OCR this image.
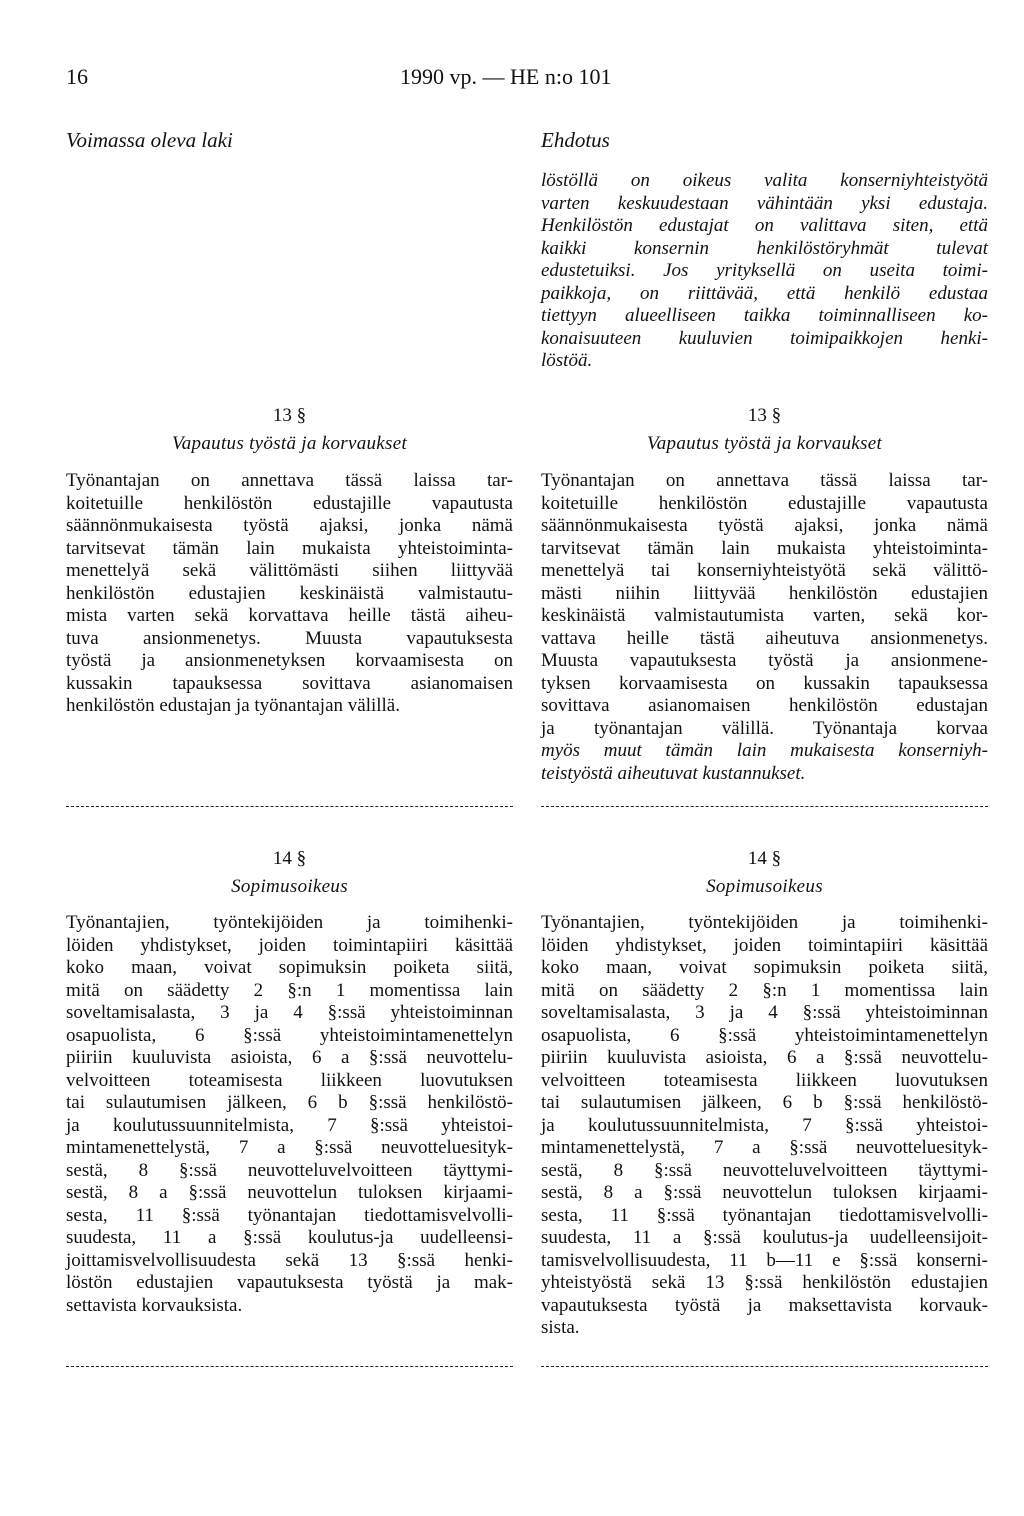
16	1990 vp. — HE n:o 101
Voimassa oleva laki	Ehdotus
löstöllä on oikeus valita konserniyhteistyötä
varten keskuudestaan vähintään yksi edustaja.
Henkilöstön edustajat on valittava siten, että
kaikki konsernin henkilöstöryhmät tulevat
edustetuiksi. Jos yrityksellä on useita toimi-
paikkoja, on riittävää, että henkilö edustaa
tiettyyn alueelliseen taikka toiminnalliseen ko-
konaisuuteen kuuluvien toimipaikkojen henki-
löstöä.
13 §
Vapautus työstä ja korvaukset
Työnantajan on annettava tässä laissa tar-
koitetuille henkilöstön edustajille vapautusta
säännönmukaisesta työstä ajaksi, jonka nämä
tarvitsevat tämän lain mukaista yhteistoiminta-
menettelyä sekä välittömästi siihen liittyvää
henkilöstön edustajien keskinäistä valmistautu-
mista varten sekä korvattava heille tästä aiheu-
tuva ansionmenetys. Muusta vapautuksesta
työstä ja ansionmenetyksen korvaamisesta on
kussakin tapauksessa sovittava asianomaisen
henkilöstön edustajan ja työnantajan välillä.
13 §
Vapautus työstä ja korvaukset
Työnantajan on annettava tässä laissa tar-
koitetuille henkilöstön edustajille vapautusta
säännönmukaisesta työstä ajaksi, jonka nämä
tarvitsevat tämän lain mukaista yhteistoiminta-
menettelyä tai konserniyhteistyötä sekä välittö-
mästi niihin liittyvää henkilöstön edustajien
keskinäistä valmistautumista varten, sekä kor-
vattava heille tästä aiheutuva ansionmenetys.
Muusta vapautuksesta työstä ja ansionmene-
tyksen korvaamisesta on kussakin tapauksessa
sovittava asianomaisen henkilöstön edustajan
ja työnantajan välillä. Työnantaja korvaa
myös muut tämän lain mukaisesta konserniyh-
teistyöstä aiheutuvat kustannukset.
14 §
Sopimusoikeus
Työnantajien, työntekijöiden ja toimihenki-
löiden yhdistykset, joiden toimintapiiri käsittää
koko maan, voivat sopimuksin poiketa siitä,
mitä on säädetty 2 §:n 1 momentissa lain
soveltamisalasta, 3 ja 4 §:ssä yhteistoiminnan
osapuolista, 6 §:ssä yhteistoimintamenettelyn
piiriin kuuluvista asioista, 6 a §:ssä neuvottelu-
velvoitteen toteamisesta liikkeen luovutuksen
tai sulautumisen jälkeen, 6 b §:ssä henkilöstö-
ja koulutussuunnitelmista, 7 §:ssä yhteistoi-
mintamenettelystä, 7 a §:ssä neuvotteluesityk-
sestä, 8 §:ssä neuvotteluvelvoitteen täyttymi-
sestä, 8 a §:ssä neuvottelun tuloksen kirjaami-
sesta, 11 §:ssä työnantajan tiedottamisvelvolli-
suudesta, 11 a §:ssä koulutus-ja uudelleensi-
joittamisvelvollisuudesta sekä 13 §:ssä henki-
löstön edustajien vapautuksesta työstä ja mak-
settavista korvauksista.
14 §
Sopimusoikeus
Työnantajien, työntekijöiden ja toimihenki-
löiden yhdistykset, joiden toimintapiiri käsittää
koko maan, voivat sopimuksin poiketa siitä,
mitä on säädetty 2 §:n 1 momentissa lain
soveltamisalasta, 3 ja 4 §:ssä yhteistoiminnan
osapuolista, 6 §:ssä yhteistoimintamenettelyn
piiriin kuuluvista asioista, 6 a §:ssä neuvottelu-
velvoitteen toteamisesta liikkeen luovutuksen
tai sulautumisen jälkeen, 6 b §:ssä henkilöstö-
ja koulutussuunnitelmista, 7 §:ssä yhteistoi-
mintamenettelystä, 7 a §:ssä neuvotteluesityk-
sestä, 8 §:ssä neuvotteluvelvoitteen täyttymi-
sestä, 8 a §:ssä neuvottelun tuloksen kirjaami-
sesta, 11 §:ssä työnantajan tiedottamisvelvolli-
suudesta, 11 a §:ssä koulutus-ja uudelleensijoit-
tamisvelvollisuudesta, 11 b—11 e §:ssä konserni-
yhteistyöstä sekä 13 §:ssä henkilöstön edustajien
vapautuksesta työstä ja maksettavista korvauk-
sista.
